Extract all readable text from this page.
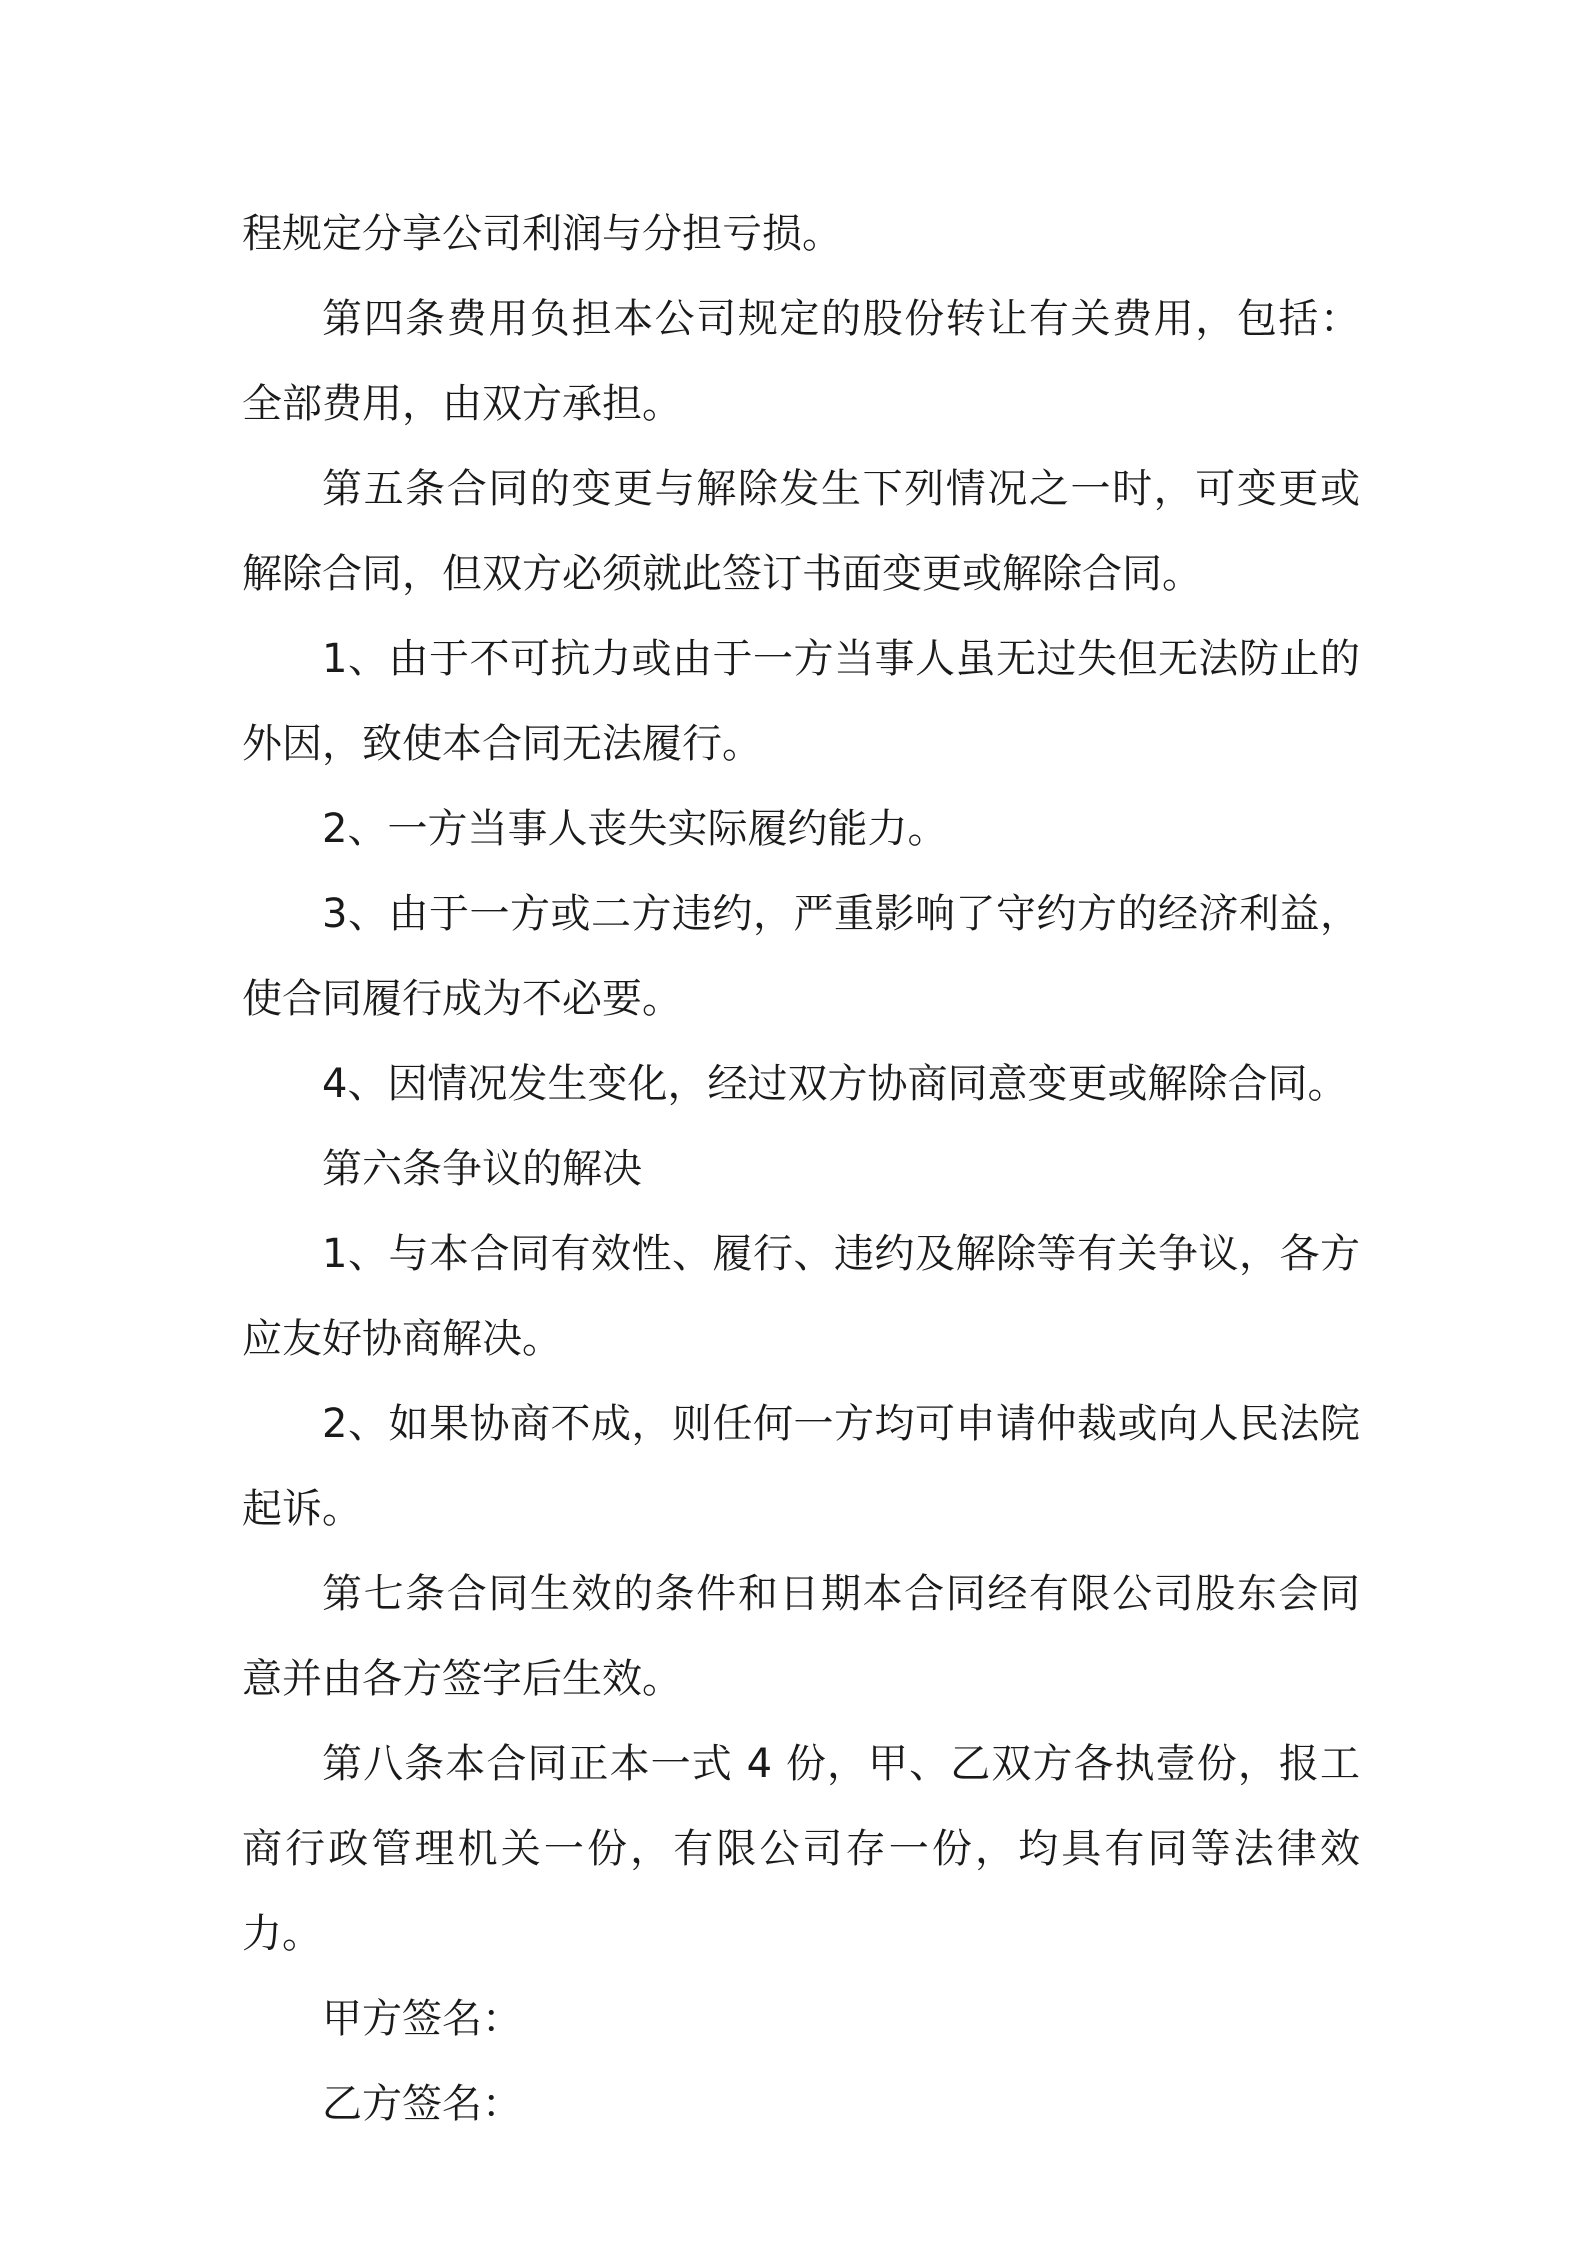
程规定分享公司利润与分担亏损。

第四条费用负担本公司规定的股份转让有关费用，包括：全部费用，由双方承担。

第五条合同的变更与解除发生下列情况之一时，可变更或解除合同，但双方必须就此签订书面变更或解除合同。

1、由于不可抗力或由于一方当事人虽无过失但无法防止的外因，致使本合同无法履行。

2、一方当事人丧失实际履约能力。

3、由于一方或二方违约，严重影响了守约方的经济利益，使合同履行成为不必要。

4、因情况发生变化，经过双方协商同意变更或解除合同。

第六条争议的解决

1、与本合同有效性、履行、违约及解除等有关争议，各方应友好协商解决。

2、如果协商不成，则任何一方均可申请仲裁或向人民法院起诉。

第七条合同生效的条件和日期本合同经有限公司股东会同意并由各方签字后生效。

第八条本合同正本一式 4 份，甲、乙双方各执壹份，报工商行政管理机关一份，有限公司存一份，均具有同等法律效力。

甲方签名：

乙方签名：
